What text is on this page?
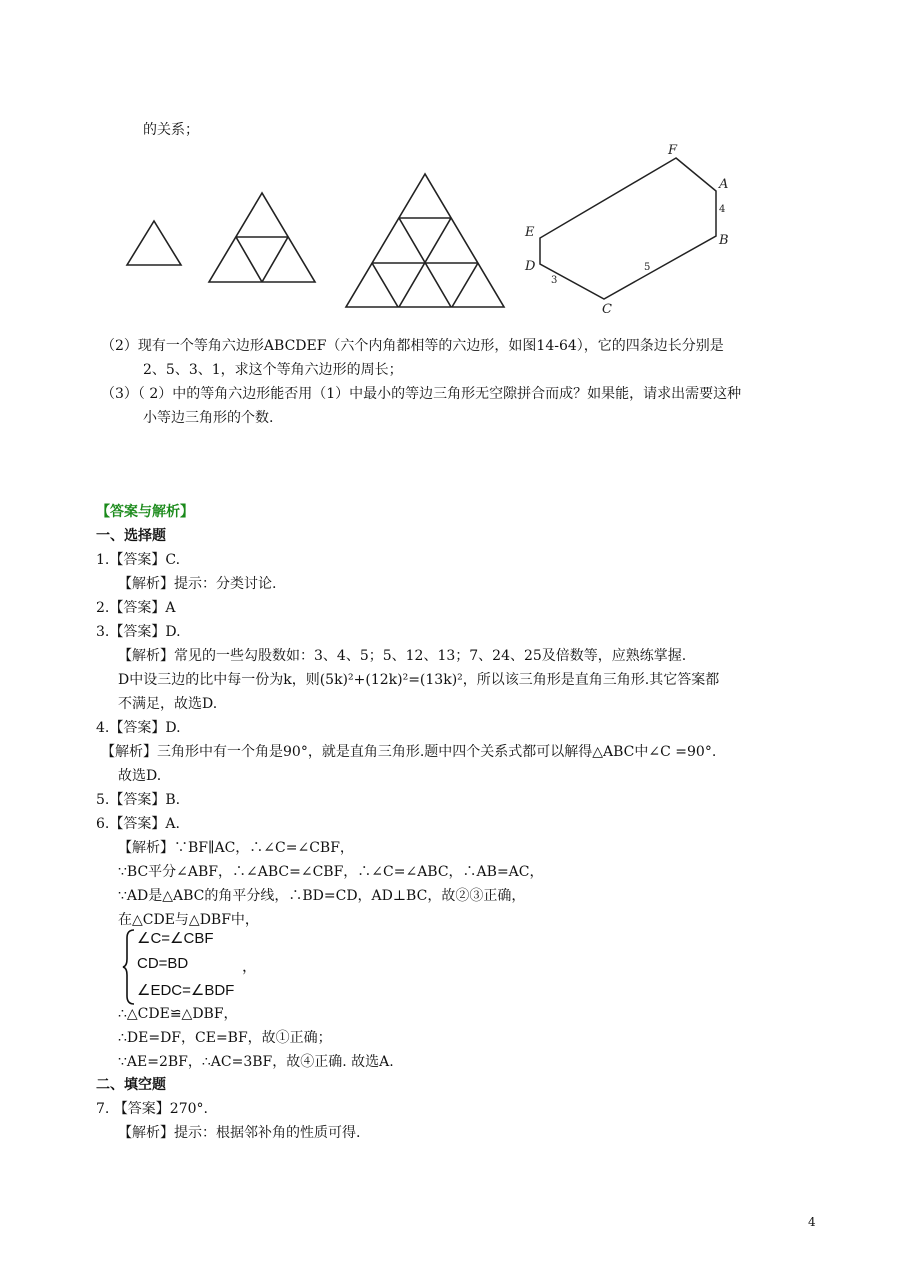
的关系；
F
A
B
C
D
E
4
5
3
（2）现有一个等角六边形ABCDEF（六个内角都相等的六边形，如图14-64），它的四条边长分别是
2、5、3、1，求这个等角六边形的周长；
（3）（ 2）中的等角六边形能否用（1）中最小的等边三角形无空隙拼合而成？如果能，请求出需要这种
小等边三角形的个数.
【答案与解析】
一、选择题
1.【答案】C.
【解析】提示：分类讨论.
2.【答案】A
3.【答案】D.
【解析】常见的一些勾股数如：3、4、5；5、12、13；7、24、25及倍数等，应熟练掌握.
D中设三边的比中每一份为k，则(5k)²+(12k)²=(13k)²，所以该三角形是直角三角形.其它答案都
不满足，故选D.
4.【答案】D.
【解析】三角形中有一个角是90°，就是直角三角形.题中四个关系式都可以解得△ABC中∠C =90°.
故选D.
5.【答案】B.
6.【答案】A.
【解析】∵BF∥AC，∴∠C=∠CBF，
∵BC平分∠ABF，∴∠ABC=∠CBF，∴∠C=∠ABC，∴AB=AC，
∵AD是△ABC的角平分线，∴BD=CD，AD⊥BC，故②③正确，
在△CDE与△DBF中，
∠C=∠CBF
CD=BD	，
∠EDC=∠BDF
∴△CDE≌△DBF，
∴DE=DF，CE=BF，故①正确；
∵AE=2BF，∴AC=3BF，故④正确. 故选A.
二、填空题
7. 【答案】270°.
【解析】提示：根据邻补角的性质可得.
4
